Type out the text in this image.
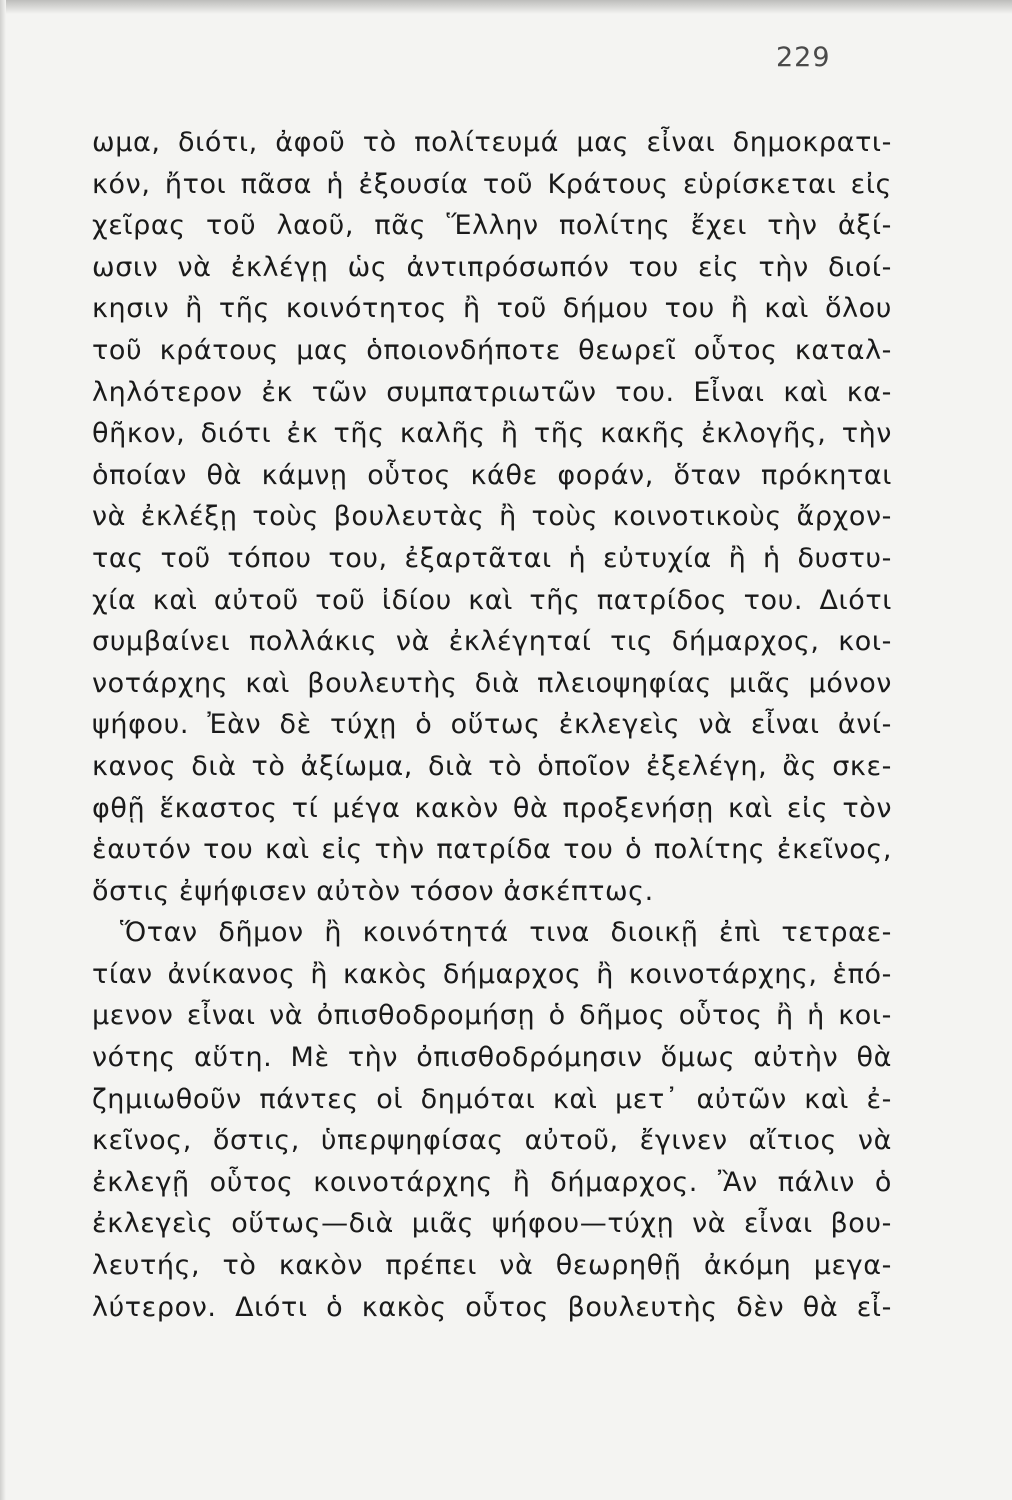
229
ωμα, διότι, ἀφοῦ τὸ πολίτευμά μας εἶναι δημοκρατι-
κόν, ἤτοι πᾶσα ἡ ἐξουσία τοῦ Κράτους εὑρίσκεται εἰς
χεῖρας τοῦ λαοῦ, πᾶς Ἕλλην πολίτης ἔχει τὴν ἀξί-
ωσιν νὰ ἐκλέγῃ ὡς ἀντιπρόσωπόν του εἰς τὴν διοί-
κησιν ἢ τῆς κοινότητος ἢ τοῦ δήμου του ἢ καὶ ὅλου
τοῦ κράτους μας ὁποιονδήποτε θεωρεῖ οὗτος καταλ-
ληλότερον ἐκ τῶν συμπατριωτῶν του. Εἶναι καὶ κα-
θῆκον, διότι ἐκ τῆς καλῆς ἢ τῆς κακῆς ἐκλογῆς, τὴν
ὁποίαν θὰ κάμνῃ οὗτος κάθε φοράν, ὅταν πρόκηται
νὰ ἐκλέξῃ τοὺς βουλευτὰς ἢ τοὺς κοινοτικοὺς ἄρχον-
τας τοῦ τόπου του, ἐξαρτᾶται ἡ εὐτυχία ἢ ἡ δυστυ-
χία καὶ αὐτοῦ τοῦ ἰδίου καὶ τῆς πατρίδος του. Διότι
συμβαίνει πολλάκις νὰ ἐκλέγηταί τις δήμαρχος, κοι-
νοτάρχης καὶ βουλευτὴς διὰ πλειοψηφίας μιᾶς μόνον
ψήφου. Ἐὰν δὲ τύχῃ ὁ οὕτως ἐκλεγεὶς νὰ εἶναι ἀνί-
κανος διὰ τὸ ἀξίωμα, διὰ τὸ ὁποῖον ἐξελέγη, ἂς σκε-
φθῇ ἕκαστος τί μέγα κακὸν θὰ προξενήσῃ καὶ εἰς τὸν
ἑαυτόν του καὶ εἰς τὴν πατρίδα του ὁ πολίτης ἐκεῖνος,
ὅστις ἐψήφισεν αὐτὸν τόσον ἀσκέπτως.
Ὅταν δῆμον ἢ κοινότητά τινα διοικῇ ἐπὶ τετραε-
τίαν ἀνίκανος ἢ κακὸς δήμαρχος ἢ κοινοτάρχης, ἑπό-
μενον εἶναι νὰ ὀπισθοδρομήσῃ ὁ δῆμος οὗτος ἢ ἡ κοι-
νότης αὕτη. Μὲ τὴν ὀπισθοδρόμησιν ὅμως αὐτὴν θὰ
ζημιωθοῦν πάντες οἱ δημόται καὶ μετ᾽ αὐτῶν καὶ ἐ-
κεῖνος, ὅστις, ὑπερψηφίσας αὐτοῦ, ἔγινεν αἴτιος νὰ
ἐκλεγῇ οὗτος κοινοτάρχης ἢ δήμαρχος. Ἂν πάλιν ὁ
ἐκλεγεὶς οὕτως—διὰ μιᾶς ψήφου—τύχῃ νὰ εἶναι βου-
λευτής, τὸ κακὸν πρέπει νὰ θεωρηθῇ ἀκόμη μεγα-
λύτερον. Διότι ὁ κακὸς οὗτος βουλευτὴς δὲν θὰ εἶ-
